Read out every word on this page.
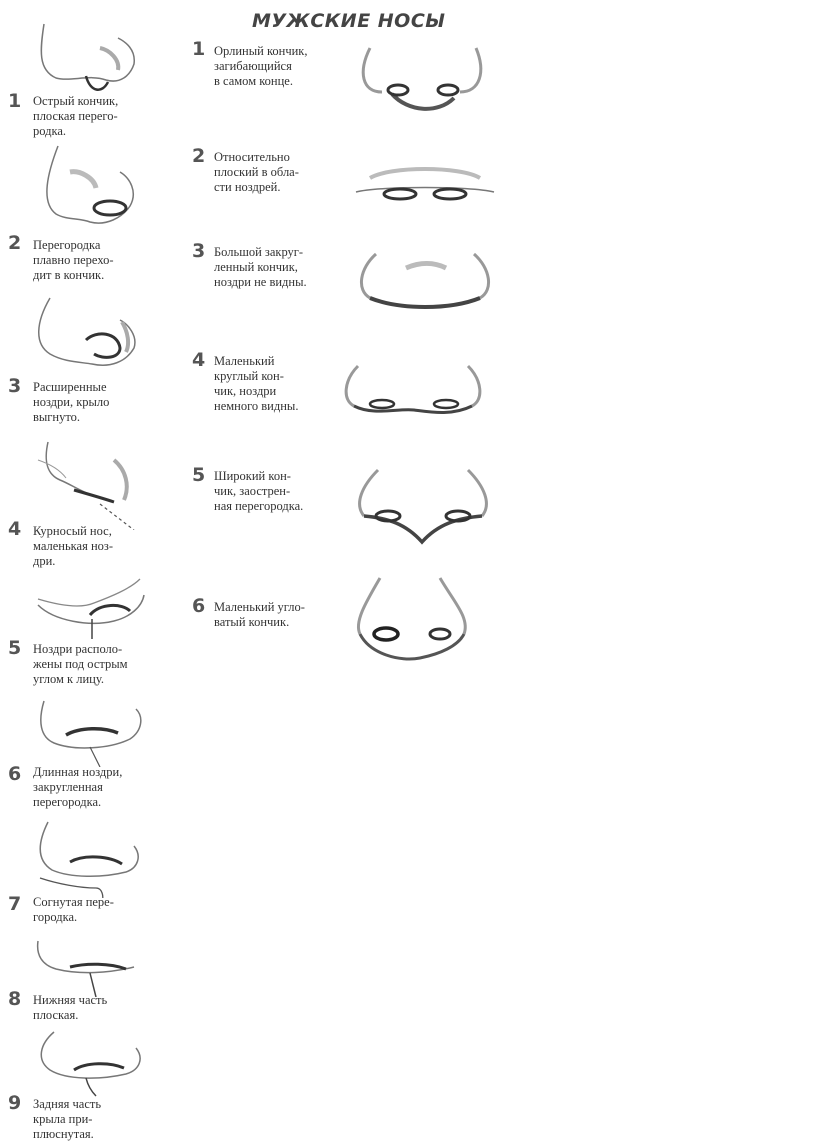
МУЖСКИЕ НОСЫ
1 Острый кончик,
плоская перего-
родка.
2 Перегородка
плавно перехо-
дит в кончик.
3 Расширенные
ноздри, крыло
выгнуто.
4 Курносый нос,
маленькая ноз-
дри.
5 Ноздри располо-
жены под острым
углом к лицу.
6 Длинная ноздри,
закругленная
перегородка.
7 Согнутая пере-
городка.
8 Нижняя часть
плоская.
9 Задняя часть
крыла при-
плюснутая.
1 Орлиный кончик,
загибающийся
в самом конце.
2 Относительно
плоский в обла-
сти ноздрей.
3 Большой закруг-
ленный кончик,
ноздри не видны.
4 Маленький
круглый кон-
чик, ноздри
немного видны.
5 Широкий кон-
чик, заострен-
ная перегородка.
6 Маленький угло-
ватый кончик.
